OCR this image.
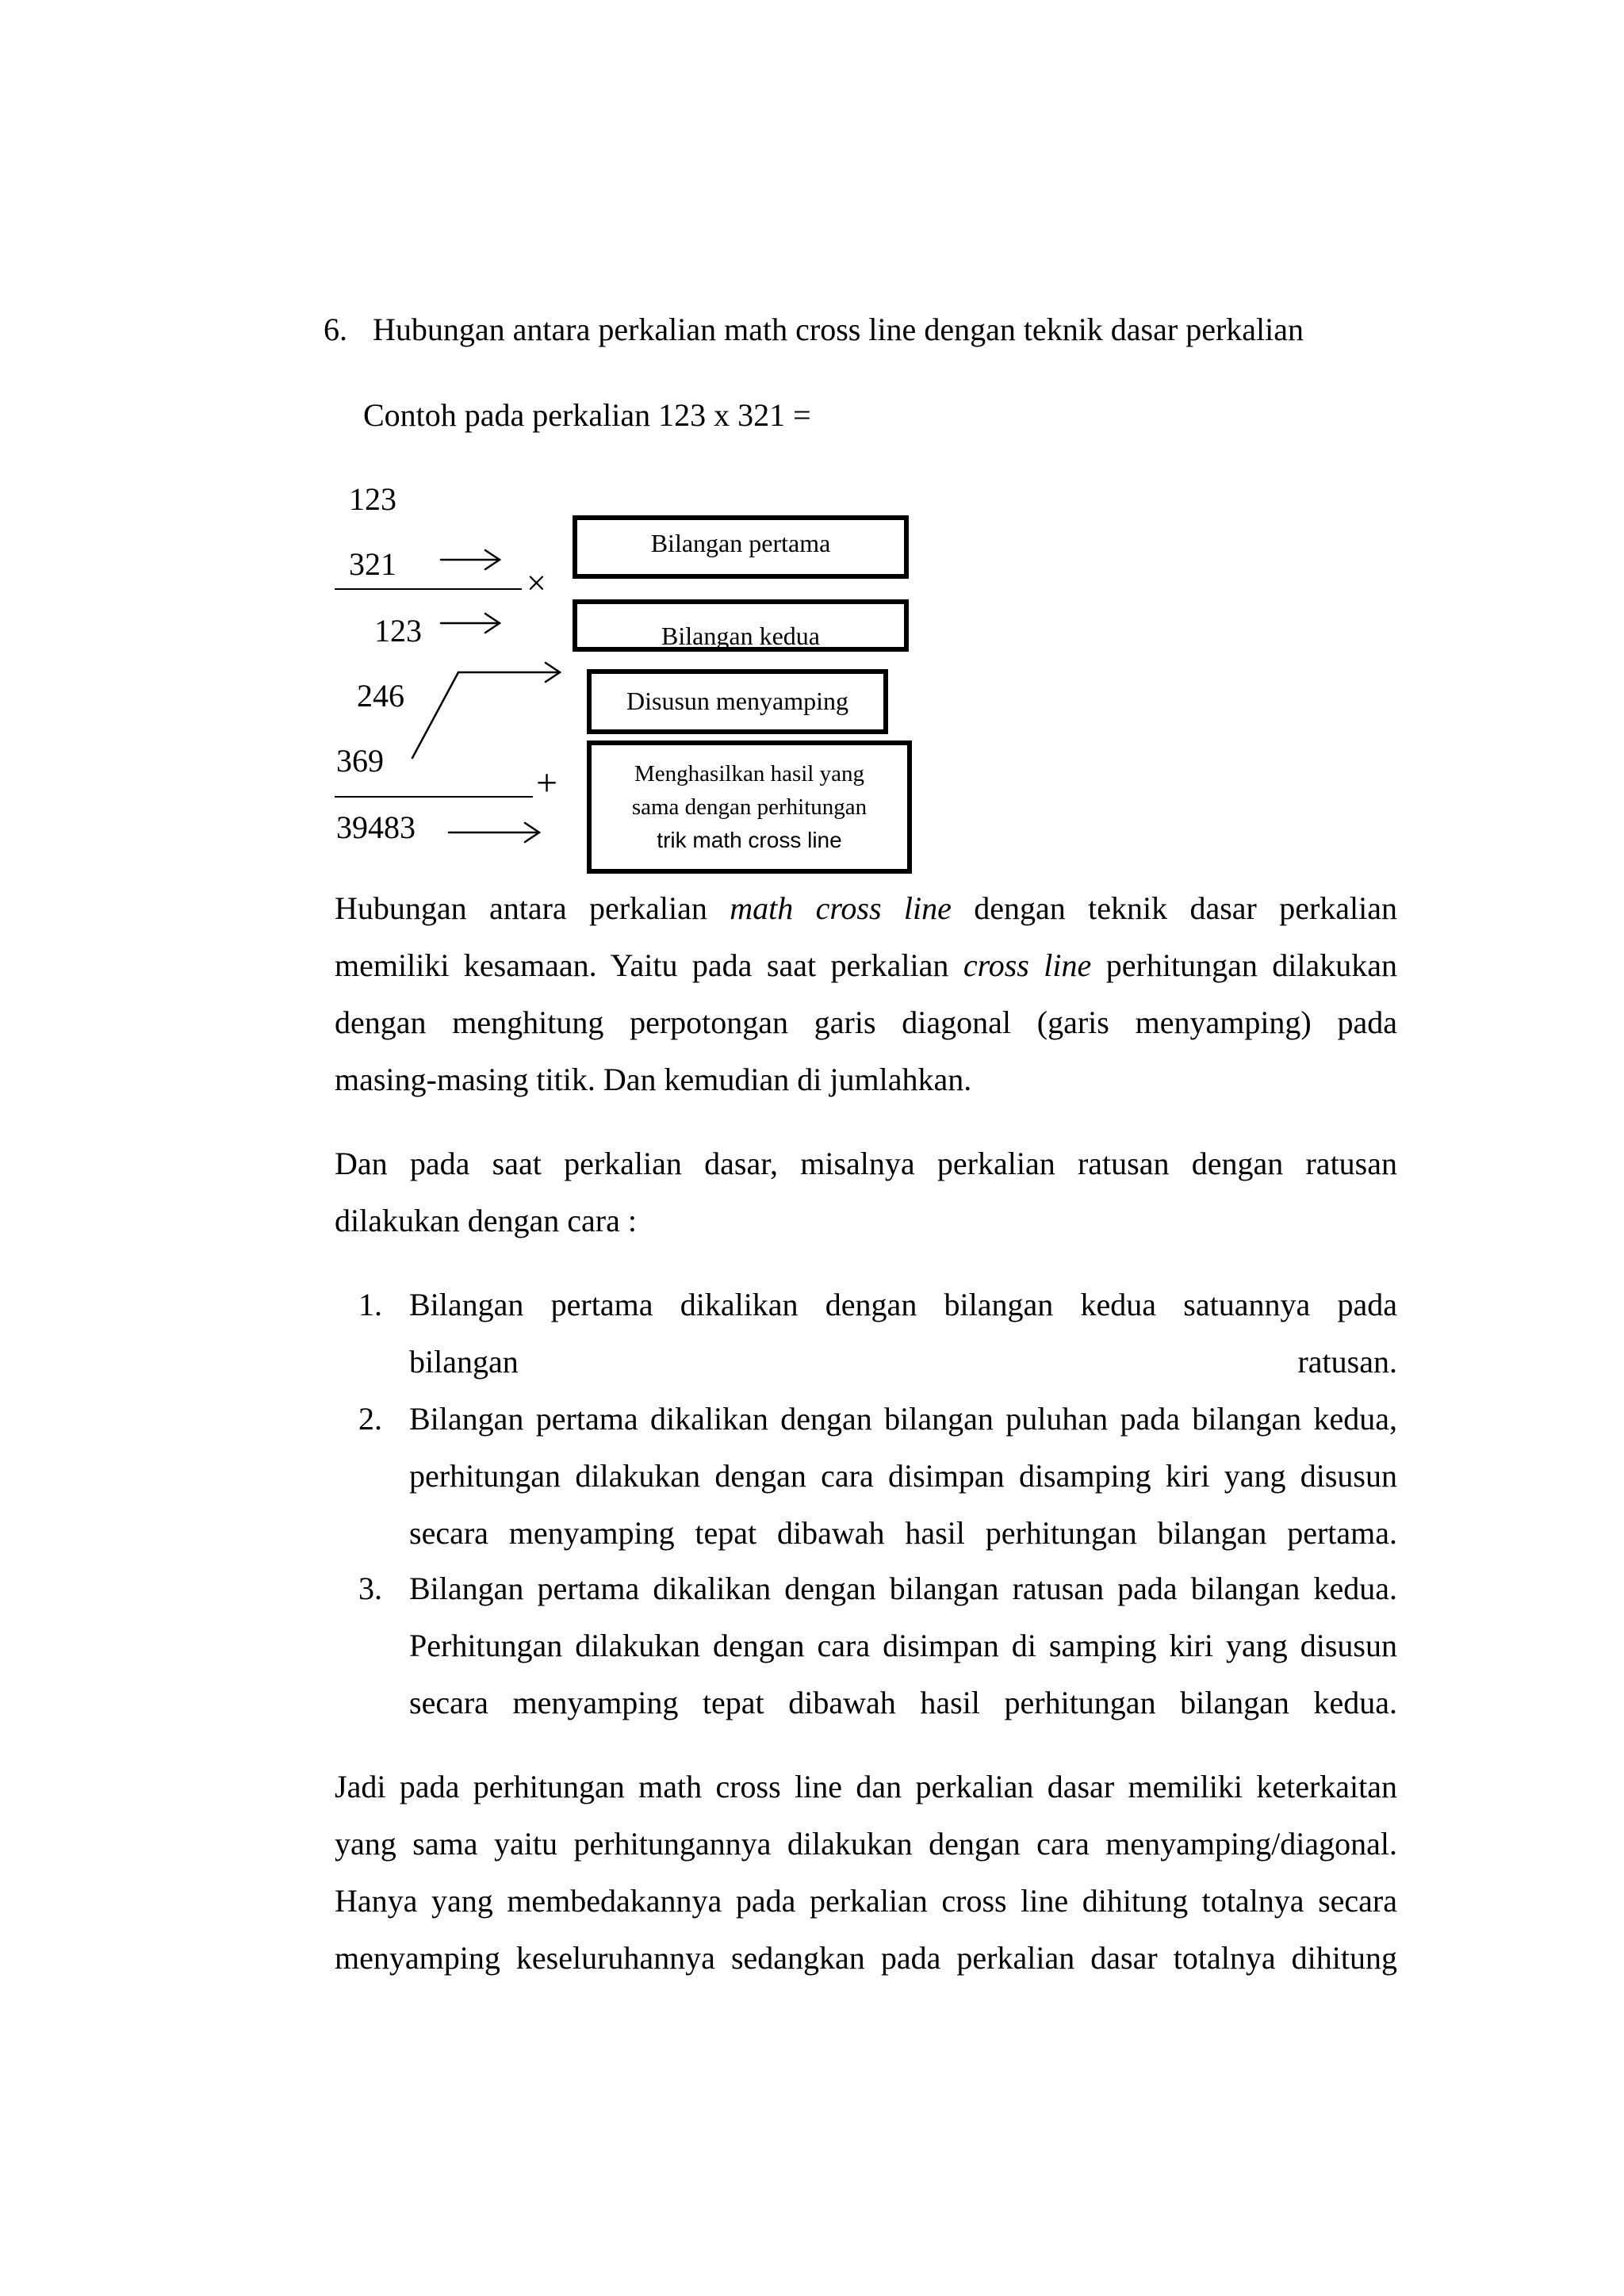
6. Hubungan antara perkalian math cross line dengan teknik dasar perkalian
Contoh pada perkalian 123 x 321 =
123
321	×
123
246
369
+
39483
Bilangan pertama
Bilangan kedua
Disusun menyamping
Menghasilkan hasil yang
sama dengan perhitungan
trik math cross line
Hubungan antara perkalian math cross line dengan teknik dasar perkalian
memiliki kesamaan. Yaitu pada saat perkalian cross line perhitungan dilakukan
dengan menghitung perpotongan garis diagonal (garis menyamping) pada
masing-masing titik. Dan kemudian di jumlahkan.
Dan pada saat perkalian dasar, misalnya perkalian ratusan dengan ratusan
dilakukan dengan cara :
1. Bilangan pertama dikalikan dengan bilangan kedua satuannya pada
bilangan ratusan.
2. Bilangan pertama dikalikan dengan bilangan puluhan pada bilangan kedua,
perhitungan dilakukan dengan cara disimpan disamping kiri yang disusun
secara menyamping tepat dibawah hasil perhitungan bilangan pertama.
3. Bilangan pertama dikalikan dengan bilangan ratusan pada bilangan kedua.
Perhitungan dilakukan dengan cara disimpan di samping kiri yang disusun
secara menyamping tepat dibawah hasil perhitungan bilangan kedua.
Jadi pada perhitungan math cross line dan perkalian dasar memiliki keterkaitan
yang sama yaitu perhitungannya dilakukan dengan cara menyamping/diagonal.
Hanya yang membedakannya pada perkalian cross line dihitung totalnya secara
menyamping keseluruhannya sedangkan pada perkalian dasar totalnya dihitung
